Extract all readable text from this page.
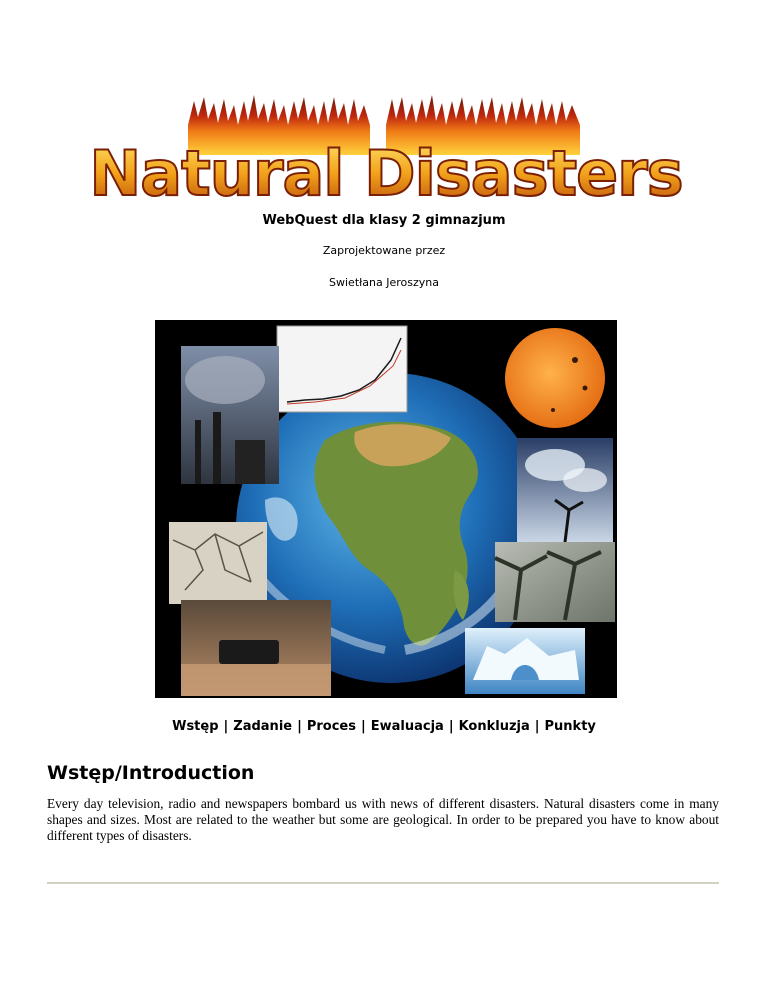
Natural Disasters
WebQuest dla klasy 2 gimnazjum
Zaprojektowane przez
Swietłana Jeroszyna
Wstęp | Zadanie | Proces | Ewaluacja | Konkluzja | Punkty
Wstęp/Introduction
Every day television, radio and newspapers bombard us with news of different disasters. Natural disasters come in many shapes and sizes. Most are related to the weather but some are geological. In order to be prepared you have to know about different types of disasters.
